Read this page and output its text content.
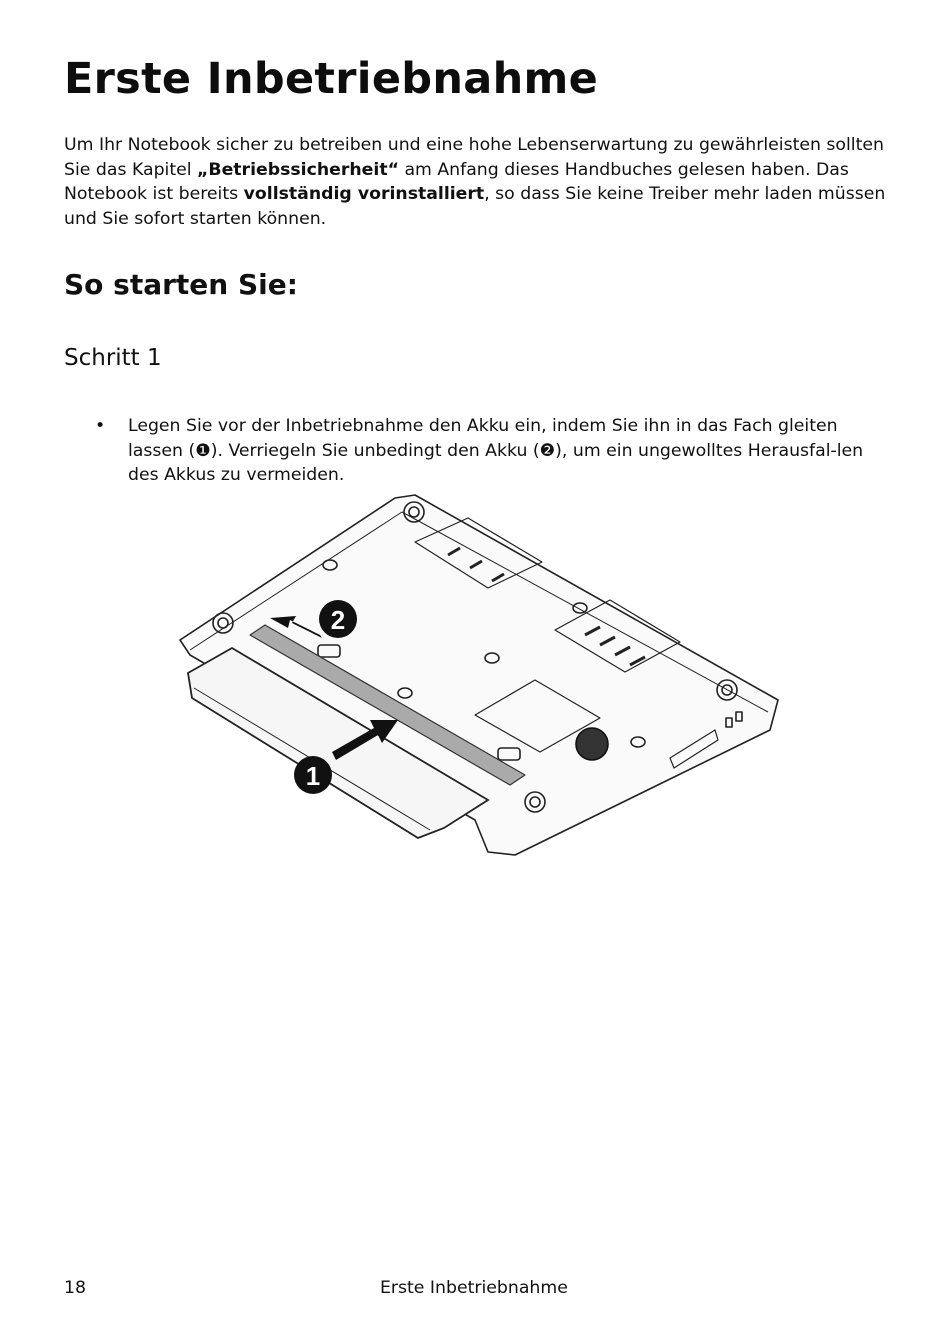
Erste Inbetriebnahme

Um Ihr Notebook sicher zu betreiben und eine hohe Lebenserwartung zu gewährleisten sollten Sie das Kapitel „Betriebssicherheit“ am Anfang dieses Handbuches gelesen haben. Das Notebook ist bereits vollständig vorinstalliert, so dass Sie keine Treiber mehr laden müssen und Sie sofort starten können.

So starten Sie:
Schritt 1
• Legen Sie vor der Inbetriebnahme den Akku ein, indem Sie ihn in das Fach gleiten lassen (❶). Verriegeln Sie unbedingt den Akku (❷), um ein ungewolltes Herausfal-len des Akkus zu vermeiden.
1
2
18	Erste Inbetriebnahme
